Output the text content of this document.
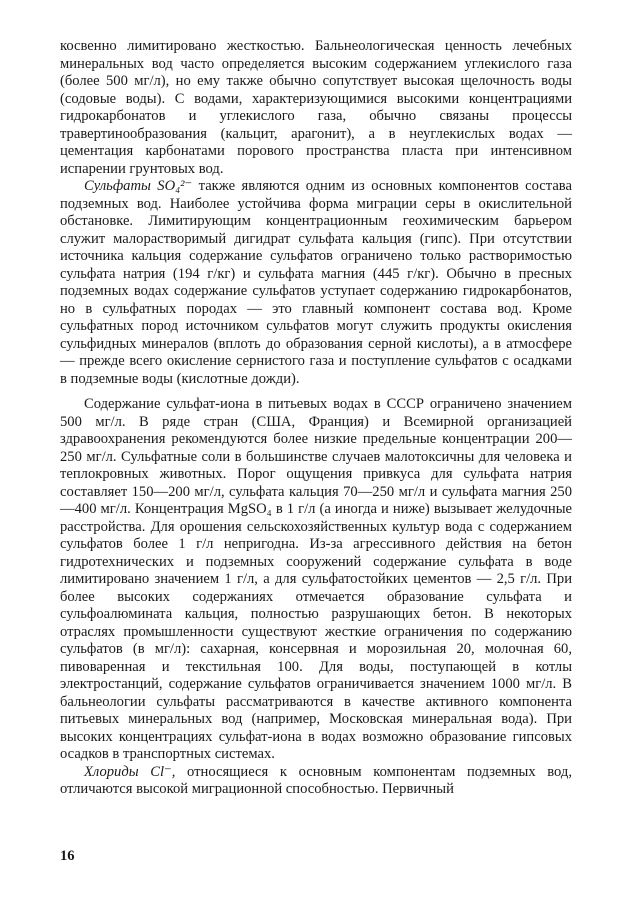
косвенно лимитировано жесткостью. Бальнеологическая ценность лечебных минеральных вод часто определяется высоким содержанием углекислого газа (более 500 мг/л), но ему также обычно сопутствует высокая щелочность воды (содовые воды). С водами, характеризующимися высокими концентрациями гидрокарбонатов и углекислого газа, обычно связаны процессы травертинообразования (кальцит, арагонит), а в неуглекислых водах — цементация карбонатами порового пространства пласта при интенсивном испарении грунтовых вод.

Сульфаты SO₄²⁻ также являются одним из основных компонентов состава подземных вод. Наиболее устойчива форма миграции серы в окислительной обстановке. Лимитирующим концентрационным геохимическим барьером служит малорастворимый дигидрат сульфата кальция (гипс). При отсутствии источника кальция содержание сульфатов ограничено только растворимостью сульфата натрия (194 г/кг) и сульфата магния (445 г/кг). Обычно в пресных подземных водах содержание сульфатов уступает содержанию гидрокарбонатов, но в сульфатных породах — это главный компонент состава вод. Кроме сульфатных пород источником сульфатов могут служить продукты окисления сульфидных минералов (вплоть до образования серной кислоты), а в атмосфере — прежде всего окисление сернистого газа и поступление сульфатов с осадками в подземные воды (кислотные дожди).

Содержание сульфат-иона в питьевых водах в СССР ограничено значением 500 мг/л. В ряде стран (США, Франция) и Всемирной организацией здравоохранения рекомендуются более низкие предельные концентрации 200—250 мг/л. Сульфатные соли в большинстве случаев малотоксичны для человека и теплокровных животных. Порог ощущения привкуса для сульфата натрия составляет 150—200 мг/л, сульфата кальция 70—250 мг/л и сульфата магния 250—400 мг/л. Концентрация MgSO₄ в 1 г/л (а иногда и ниже) вызывает желудочные расстройства. Для орошения сельскохозяйственных культур вода с содержанием сульфатов более 1 г/л непригодна. Из-за агрессивного действия на бетон гидротехнических и подземных сооружений содержание сульфата в воде лимитировано значением 1 г/л, а для сульфатостойких цементов — 2,5 г/л. При более высоких содержаниях отмечается образование сульфата и сульфоалюмината кальция, полностью разрушающих бетон. В некоторых отраслях промышленности существуют жесткие ограничения по содержанию сульфатов (в мг/л): сахарная, консервная и морозильная 20, молочная 60, пивоваренная и текстильная 100. Для воды, поступающей в котлы электростанций, содержание сульфатов ограничивается значением 1000 мг/л. В бальнеологии сульфаты рассматриваются в качестве активного компонента питьевых минеральных вод (например, Московская минеральная вода). При высоких концентрациях сульфат-иона в водах возможно образование гипсовых осадков в транспортных системах.

Хлориды Cl⁻, относящиеся к основным компонентам подземных вод, отличаются высокой миграционной способностью. Первичный

16
